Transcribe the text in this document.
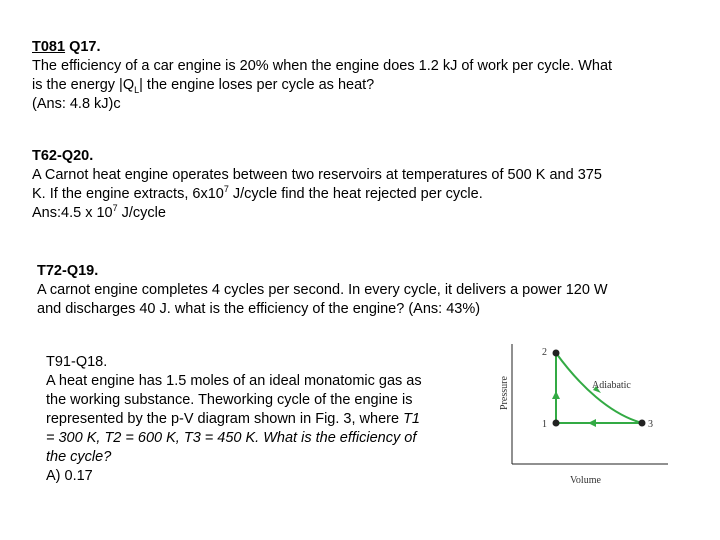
T081 Q17.

The efficiency of a car engine is 20% when the engine does 1.2 kJ of work per cycle. What

is the energy $|Q_L|$ the engine loses per cycle as heat?

(Ans: 4.8 kJ)c

T62-Q20.

A Carnot heat engine operates between two reservoirs at temperatures of 500 K and 375

K. If the engine extracts, $6x10^7$ J/cycle find the heat rejected per cycle.

Ans:4.5 x $10^7$ J/cycle

T72-Q19.

A carnot engine completes 4 cycles per second. In every cycle, it delivers a power 120 W

and discharges 40 J. what is the efficiency of the engine? (Ans: 43%)

T91-Q18.

A heat engine has 1.5 moles of an ideal monatomic gas as

the working substance. Theworking cycle of the engine is

represented by the p-V diagram shown in Fig. 3, where T1

= 300 K, T2 = 600 K, T3 = 450 K. What is the efficiency of

the cycle?

A) 0.17

2
1	3
Adiabatic
Volume
Pressure
